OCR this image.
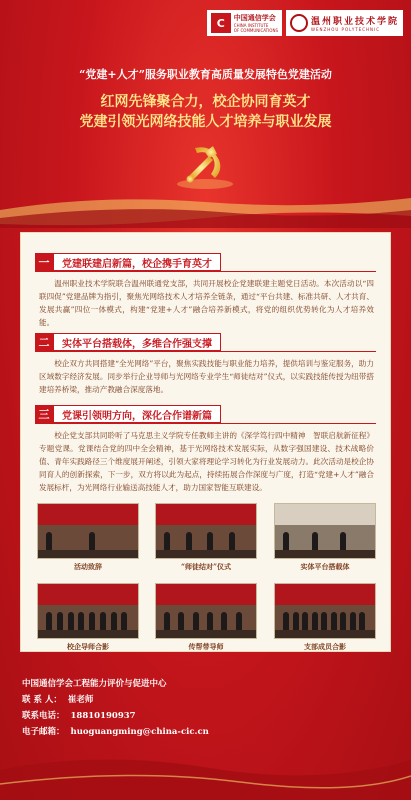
C	中国通信学会
CHINA INSTITUTE
OF COMMUNICATIONS
温州职业技术学院
WENZHOU POLYTECHNIC
“党建+人才”服务职业教育高质量发展特色党建活动
红网先锋聚合力，校企协同育英才
党建引领光网络技能人才培养与职业发展
一	党建联建启新篇，校企携手育英才
温州职业技术学院联合温州联通党支部，共同开展校企党建联建主题党日活动。本次活动以“四联四促”党建品牌为指引，聚焦光网络技术人才培养全链条，通过“平台共建、标准共研、人才共育、发展共赢”四位一体模式，构建“党建+人才”融合培养新模式，将党的组织优势转化为人才培养效能。
二	实体平台搭载体，多维合作强支撑
校企双方共同搭建“全光网络”平台，聚焦实践技能与职业能力培养，提供培训与鉴定服务，助力区域数字经济发展。同步举行企业导师与光网络专业学生“师徒结对”仪式，以实践技能传授为纽带搭建培养桥梁，推动产教融合深度落地。
三	党课引领明方向，深化合作谱新篇
校企党支部共同聆听了马克思主义学院专任教师主讲的《深学笃行四中精神　智联启航新征程》专题党课。党课结合党的四中全会精神，基于光网络技术发展实际，从数字强国建设、技术战略价值、青年实践路径三个维度展开阐述，引领大家将理论学习转化为行业发展动力。此次活动是校企协同育人的创新探索，下一步，双方将以此为起点，持续拓展合作深度与广度，打造“党建+人才”融合发展标杆，为光网络行业输送高技能人才，助力国家智能互联建设。
活动致辞	“师徒结对”仪式	实体平台搭载体
校企导师合影	传帮带导师	支部成员合影
中国通信学会工程能力评价与促进中心
联 系 人： 崔老师
联系电话： 18810190937
电子邮箱： huoguangming@china-cic.cn
